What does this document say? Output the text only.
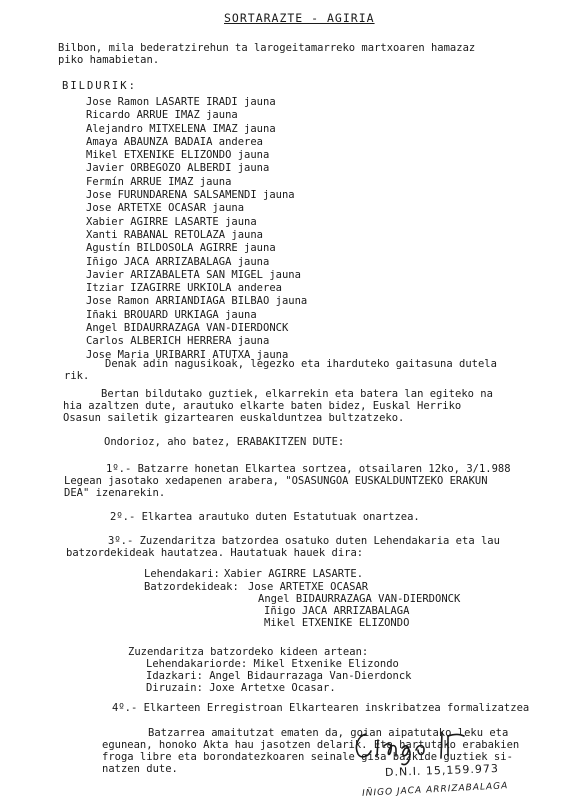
SORTARAZTE - AGIRIA
Bilbon, mila bederatzirehun ta larogeitamarreko martxoaren hamazaz
piko hamabietan.
BILDURIK:
Jose Ramon LASARTE IRADI jauna
Ricardo ARRUE IMAZ jauna
Alejandro MITXELENA IMAZ jauna
Amaya ABAUNZA BADAIA anderea
Mikel ETXENIKE ELIZONDO jauna
Javier ORBEGOZO ALBERDI jauna
Fermín ARRUE IMAZ jauna
Jose FURUNDARENA SALSAMENDI jauna
Jose ARTETXE OCASAR jauna
Xabier AGIRRE LASARTE jauna
Xanti RABANAL RETOLAZA jauna
Agustín BILDOSOLA AGIRRE jauna
Iñigo JACA ARRIZABALAGA jauna
Javier ARIZABALETA SAN MIGEL jauna
Itziar IZAGIRRE URKIOLA anderea
Jose Ramon ARRIANDIAGA BILBAO jauna
Iñaki BROUARD URKIAGA jauna
Angel BIDAURRAZAGA VAN-DIERDONCK
Carlos ALBERICH HERRERA jauna
Jose Maria URIBARRI ATUTXA jauna
Denak adin nagusikoak, legezko eta iharduteko gaitasuna dutela
rik.
Bertan bildutako guztiek, elkarrekin eta batera lan egiteko na
hia azaltzen dute, arautuko elkarte baten bidez, Euskal Herriko
Osasun sailetik gizartearen euskalduntzea bultzatzeko.
Ondorioz, aho batez, ERABAKITZEN DUTE:
1º.- Batzarre honetan Elkartea sortzea, otsailaren 12ko, 3/1.988
Legean jasotako xedapenen arabera, "OSASUNGOA EUSKALDUNTZEKO ERAKUN
DEA" izenarekin.
2º.- Elkartea arautuko duten Estatutuak onartzea.
3º.- Zuzendaritza batzordea osatuko duten Lehendakaria eta lau
batzordekideak hautatzea. Hautatuak hauek dira:
Lehendakari: Xabier AGIRRE LASARTE.
Batzordekideak: Jose ARTETXE OCASAR
Angel BIDAURRAZAGA VAN-DIERDONCK
Iñigo JACA ARRIZABALAGA
Mikel ETXENIKE ELIZONDO
Zuzendaritza batzordeko kideen artean:
Lehendakariorde: Mikel Etxenike Elizondo
Idazkari: Angel Bidaurrazaga Van-Dierdonck
Diruzain: Joxe Artetxe Ocasar.
4º.- Elkarteen Erregistroan Elkartearen inskribatzea formalizatzea
Batzarrea amaitutzat ematen da, goian aipatutako leku eta
egunean, honoko Akta hau jasotzen delarik. Eta hartutako erabakien
froga libre eta borondatezkoaren seinale gisa bazkide guztiek si-
natzen dute.	D.N.I. 15,159.973
IÑIGO JACA ARRIZABALAGA
